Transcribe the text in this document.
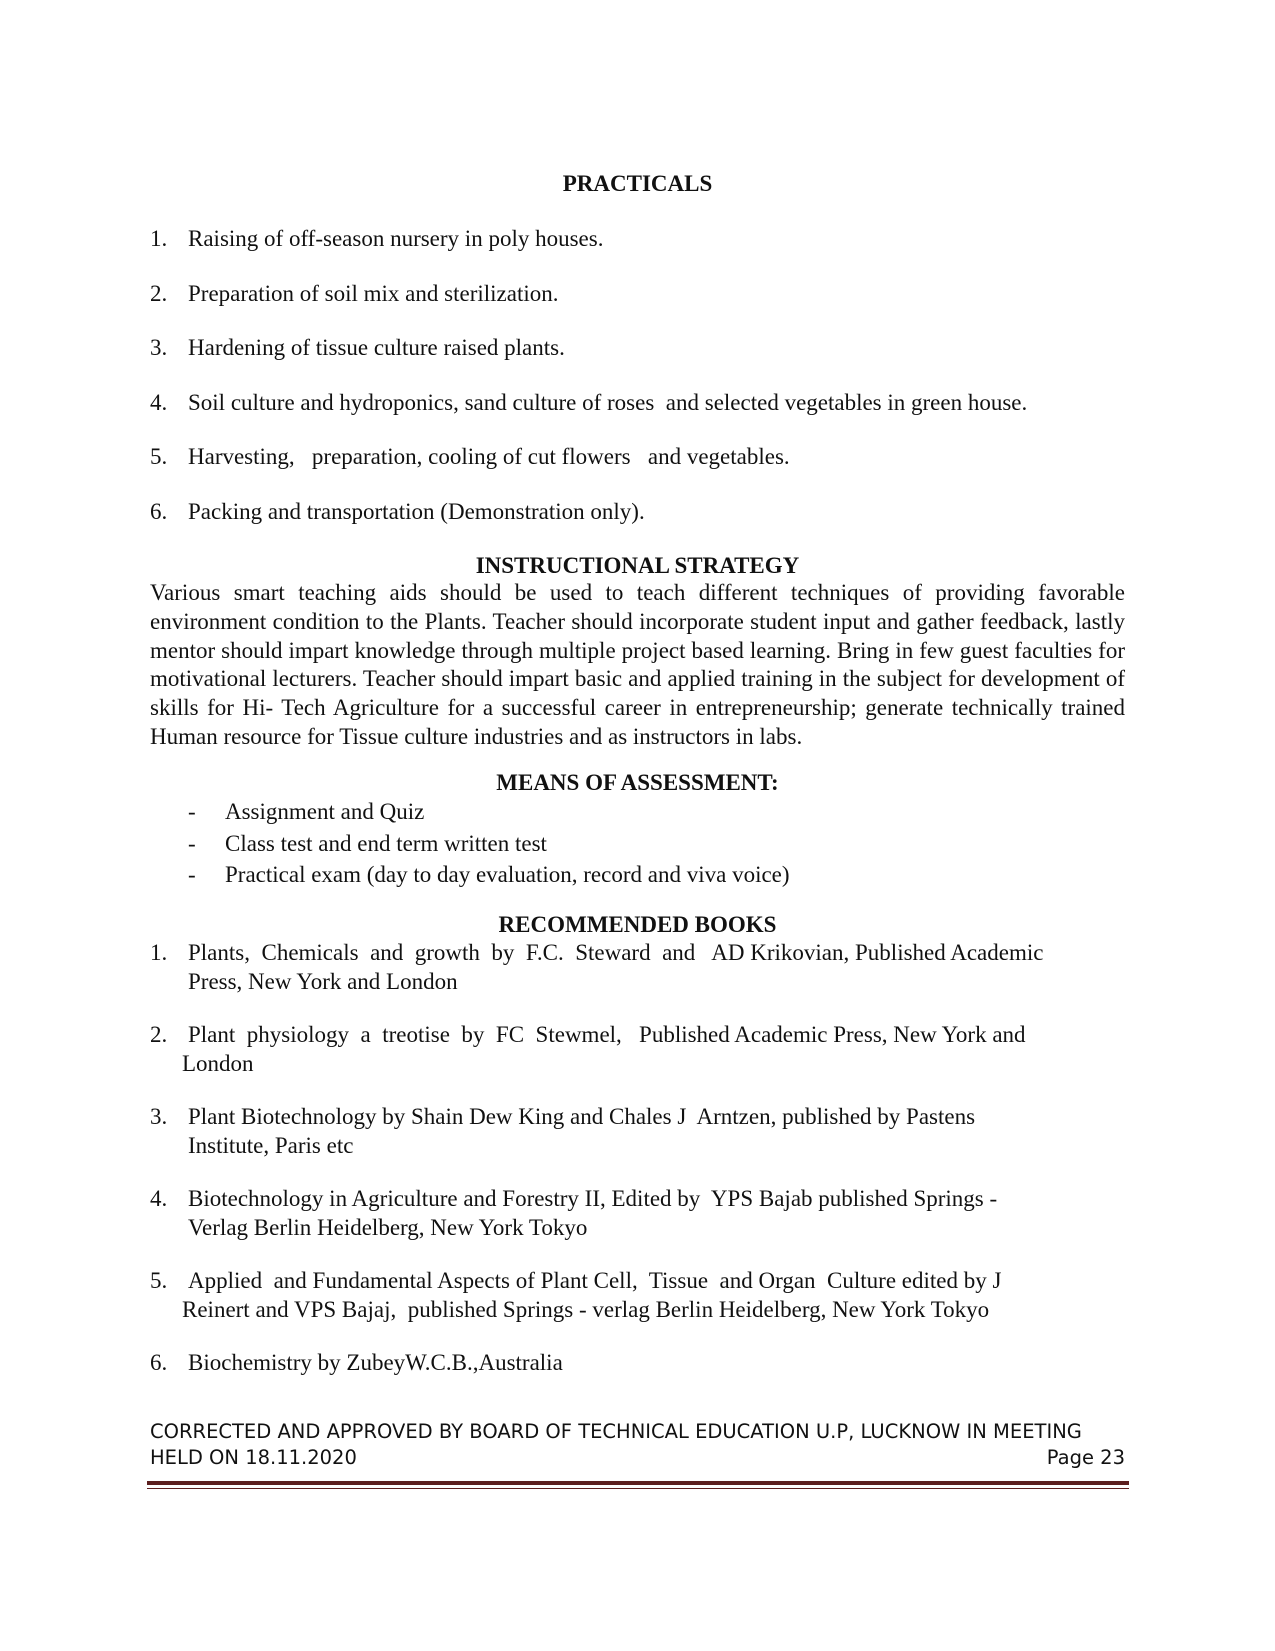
PRACTICALS
1. Raising of off-season nursery in poly houses.
2. Preparation of soil mix and sterilization.
3. Hardening of tissue culture raised plants.
4. Soil culture and hydroponics, sand culture of roses  and selected vegetables in green house.
5. Harvesting,   preparation, cooling of cut flowers   and vegetables.
6. Packing and transportation (Demonstration only).
INSTRUCTIONAL STRATEGY

Various smart teaching aids should be used to teach different techniques of providing favorable environment condition to the Plants. Teacher should incorporate student input and gather feedback, lastly mentor should impart knowledge through multiple project based learning. Bring in few guest faculties for motivational lecturers. Teacher should impart basic and applied training in the subject for development of skills for Hi- Tech Agriculture for a successful career in entrepreneurship; generate technically trained Human resource for Tissue culture industries and as instructors in labs.

MEANS OF ASSESSMENT:
- Assignment and Quiz
- Class test and end term written test
- Practical exam (day to day evaluation, record and viva voice)
RECOMMENDED BOOKS
1. Plants,  Chemicals  and  growth  by  F.C.  Steward  and   AD Krikovian, Published Academic
Press, New York and London
2. Plant  physiology  a  treotise  by  FC  Stewmel,   Published Academic Press, New York and
London
3. Plant Biotechnology by Shain Dew King and Chales J  Arntzen, published by Pastens
Institute, Paris etc
4. Biotechnology in Agriculture and Forestry II, Edited by  YPS Bajab published Springs -
Verlag Berlin Heidelberg, New York Tokyo
5. Applied  and Fundamental Aspects of Plant Cell,  Tissue  and Organ  Culture edited by J
Reinert and VPS Bajaj,  published Springs - verlag Berlin Heidelberg, New York Tokyo
6. Biochemistry by ZubeyW.C.B.,Australia
CORRECTED AND APPROVED BY BOARD OF TECHNICAL EDUCATION U.P, LUCKNOW IN MEETING
HELD ON 18.11.2020	Page 23
